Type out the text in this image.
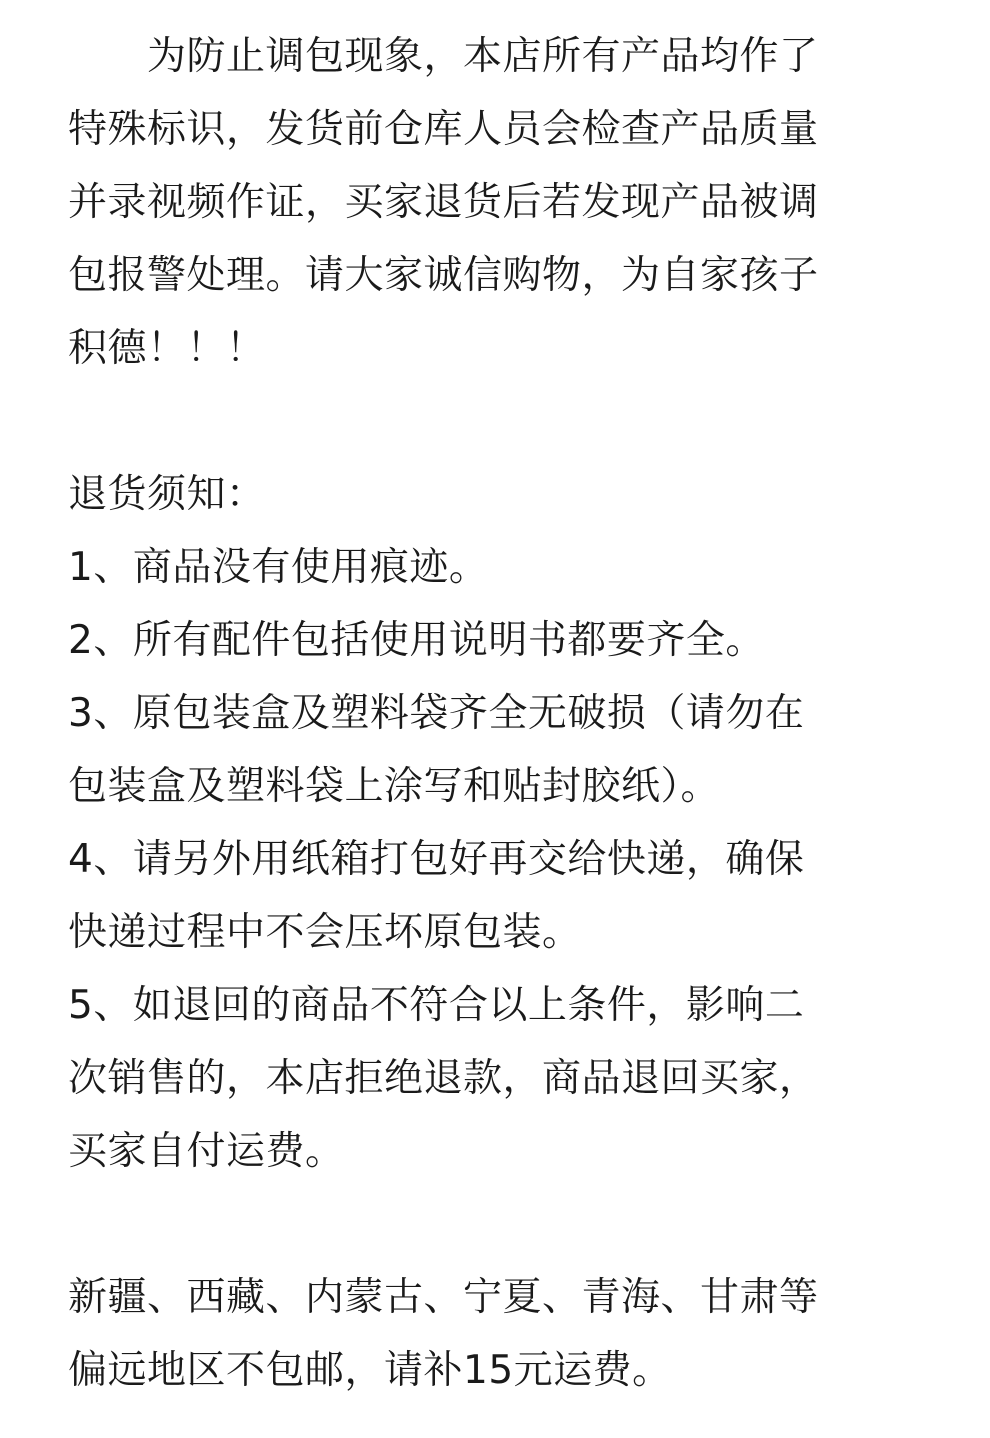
　　为防止调包现象，本店所有产品均作了

特殊标识，发货前仓库人员会检查产品质量

并录视频作证，买家退货后若发现产品被调

包报警处理。请大家诚信购物，为自家孩子

积德！！！

退货须知：

1、商品没有使用痕迹。

2、所有配件包括使用说明书都要齐全。

3、原包装盒及塑料袋齐全无破损（请勿在

包装盒及塑料袋上涂写和贴封胶纸）。

4、请另外用纸箱打包好再交给快递，确保

快递过程中不会压坏原包装。

5、如退回的商品不符合以上条件，影响二

次销售的，本店拒绝退款，商品退回买家，

买家自付运费。

新疆、西藏、内蒙古、宁夏、青海、甘肃等

偏远地区不包邮，请补15元运费。
